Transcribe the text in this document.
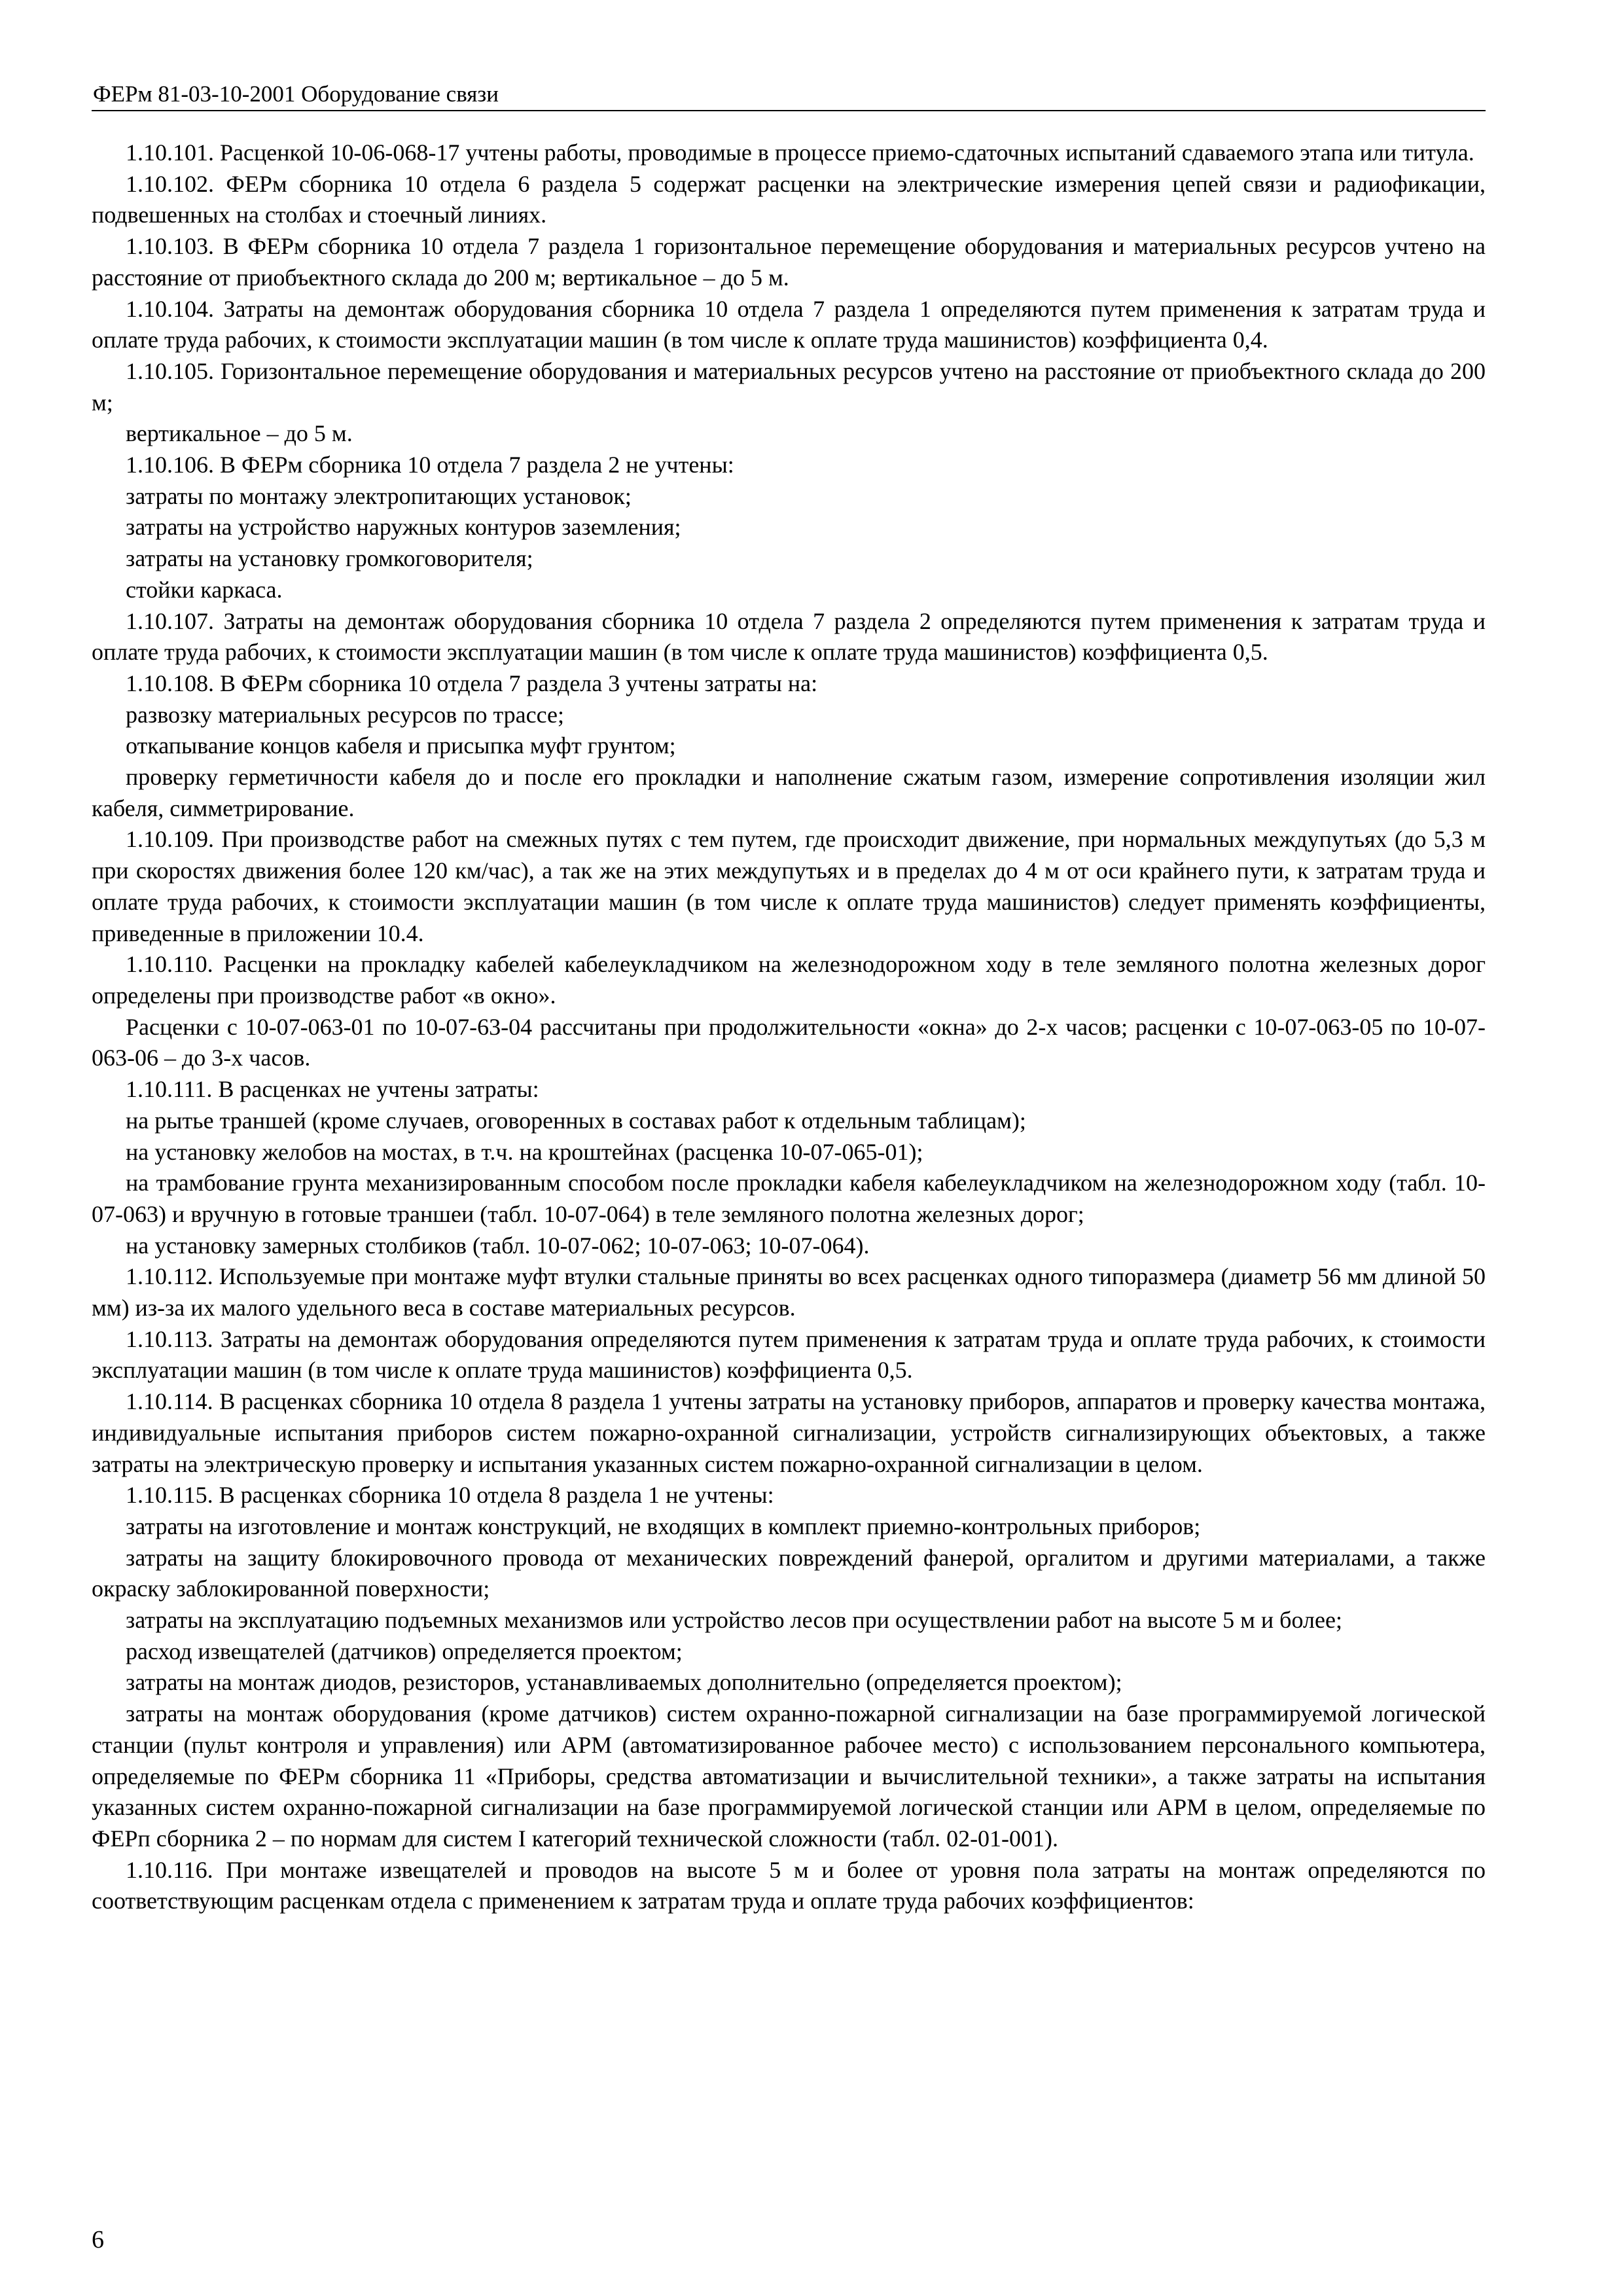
ФЕРм 81-03-10-2001 Оборудование связи

1.10.101. Расценкой 10-06-068-17 учтены работы, проводимые в процессе приемо-сдаточных испытаний сдаваемого этапа или титула.

1.10.102. ФЕРм сборника 10 отдела 6 раздела 5 содержат расценки на электрические измерения цепей связи и радиофикации, подвешенных на столбах и стоечный линиях.

1.10.103. В ФЕРм сборника 10 отдела 7 раздела 1 горизонтальное перемещение оборудования и материальных ресурсов учтено на расстояние от приобъектного склада до 200 м; вертикальное – до 5 м.

1.10.104. Затраты на демонтаж оборудования сборника 10 отдела 7 раздела 1 определяются путем применения к затратам труда и оплате труда рабочих, к стоимости эксплуатации машин (в том числе к оплате труда машинистов) коэффициента 0,4.

1.10.105. Горизонтальное перемещение оборудования и материальных ресурсов учтено на расстояние от приобъектного склада до 200 м;

вертикальное – до 5 м.

1.10.106. В ФЕРм сборника 10 отдела 7 раздела 2 не учтены:

затраты по монтажу электропитающих установок;

затраты на устройство наружных контуров заземления;

затраты на установку громкоговорителя;

стойки каркаса.

1.10.107. Затраты на демонтаж оборудования сборника 10 отдела 7 раздела 2 определяются путем применения к затратам труда и оплате труда рабочих, к стоимости эксплуатации машин (в том числе к оплате труда машинистов) коэффициента 0,5.

1.10.108. В ФЕРм сборника 10 отдела 7 раздела 3 учтены затраты на:

развозку материальных ресурсов по трассе;

откапывание концов кабеля и присыпка муфт грунтом;

проверку герметичности кабеля до и после его прокладки и наполнение сжатым газом, измерение сопротивления изоляции жил кабеля, симметрирование.

1.10.109. При производстве работ на смежных путях с тем путем, где происходит движение, при нормальных междупутьях (до 5,3 м при скоростях движения более 120 км/час), а так же на этих междупутьях и в пределах до 4 м от оси крайнего пути, к затратам труда и оплате труда рабочих, к стоимости эксплуатации машин (в том числе к оплате труда машинистов) следует применять коэффициенты, приведенные в приложении 10.4.

1.10.110. Расценки на прокладку кабелей кабелеукладчиком на железнодорожном ходу в теле земляного полотна железных дорог определены при производстве работ «в окно».

Расценки с 10-07-063-01 по 10-07-63-04 рассчитаны при продолжительности «окна» до 2-х часов; расценки с 10-07-063-05 по 10-07-063-06 – до 3-х часов.

1.10.111. В расценках не учтены затраты:

на рытье траншей (кроме случаев, оговоренных в составах работ к отдельным таблицам);

на установку желобов на мостах, в т.ч. на кроштейнах (расценка 10-07-065-01);

на трамбование грунта механизированным способом после прокладки кабеля кабелеукладчиком на железнодорожном ходу (табл. 10-07-063) и вручную в готовые траншеи (табл. 10-07-064) в теле земляного полотна железных дорог;

на установку замерных столбиков (табл. 10-07-062; 10-07-063; 10-07-064).

1.10.112. Используемые при монтаже муфт втулки стальные приняты во всех расценках одного типоразмера (диаметр 56 мм длиной 50 мм) из-за их малого удельного веса в составе материальных ресурсов.

1.10.113. Затраты на демонтаж оборудования определяются путем применения к затратам труда и оплате труда рабочих, к стоимости эксплуатации машин (в том числе к оплате труда машинистов) коэффициента 0,5.

1.10.114. В расценках сборника 10 отдела 8 раздела 1 учтены затраты на установку приборов, аппаратов и проверку качества монтажа, индивидуальные испытания приборов систем пожарно-охранной сигнализации, устройств сигнализирующих объектовых, а также затраты на электрическую проверку и испытания указанных систем пожарно-охранной сигнализации в целом.

1.10.115. В расценках сборника 10 отдела 8 раздела 1 не учтены:

затраты на изготовление и монтаж конструкций, не входящих в комплект приемно-контрольных приборов;

затраты на защиту блокировочного провода от механических повреждений фанерой, оргалитом и другими материалами, а также окраску заблокированной поверхности;

затраты на эксплуатацию подъемных механизмов или устройство лесов при осуществлении работ на высоте 5 м и более;

расход извещателей (датчиков) определяется проектом;

затраты на монтаж диодов, резисторов, устанавливаемых дополнительно (определяется проектом);

затраты на монтаж оборудования (кроме датчиков) систем охранно-пожарной сигнализации на базе программируемой логической станции (пульт контроля и управления) или АРМ (автоматизированное рабочее место) с использованием персонального компьютера, определяемые по ФЕРм сборника 11 «Приборы, средства автоматизации и вычислительной техники», а также затраты на испытания указанных систем охранно-пожарной сигнализации на базе программируемой логической станции или АРМ в целом, определяемые по ФЕРп сборника 2 – по нормам для систем I категорий технической сложности (табл. 02-01-001).

1.10.116. При монтаже извещателей и проводов на высоте 5 м и более от уровня пола затраты на монтаж определяются по соответствующим расценкам отдела с применением к затратам труда и оплате труда рабочих коэффициентов:

6
